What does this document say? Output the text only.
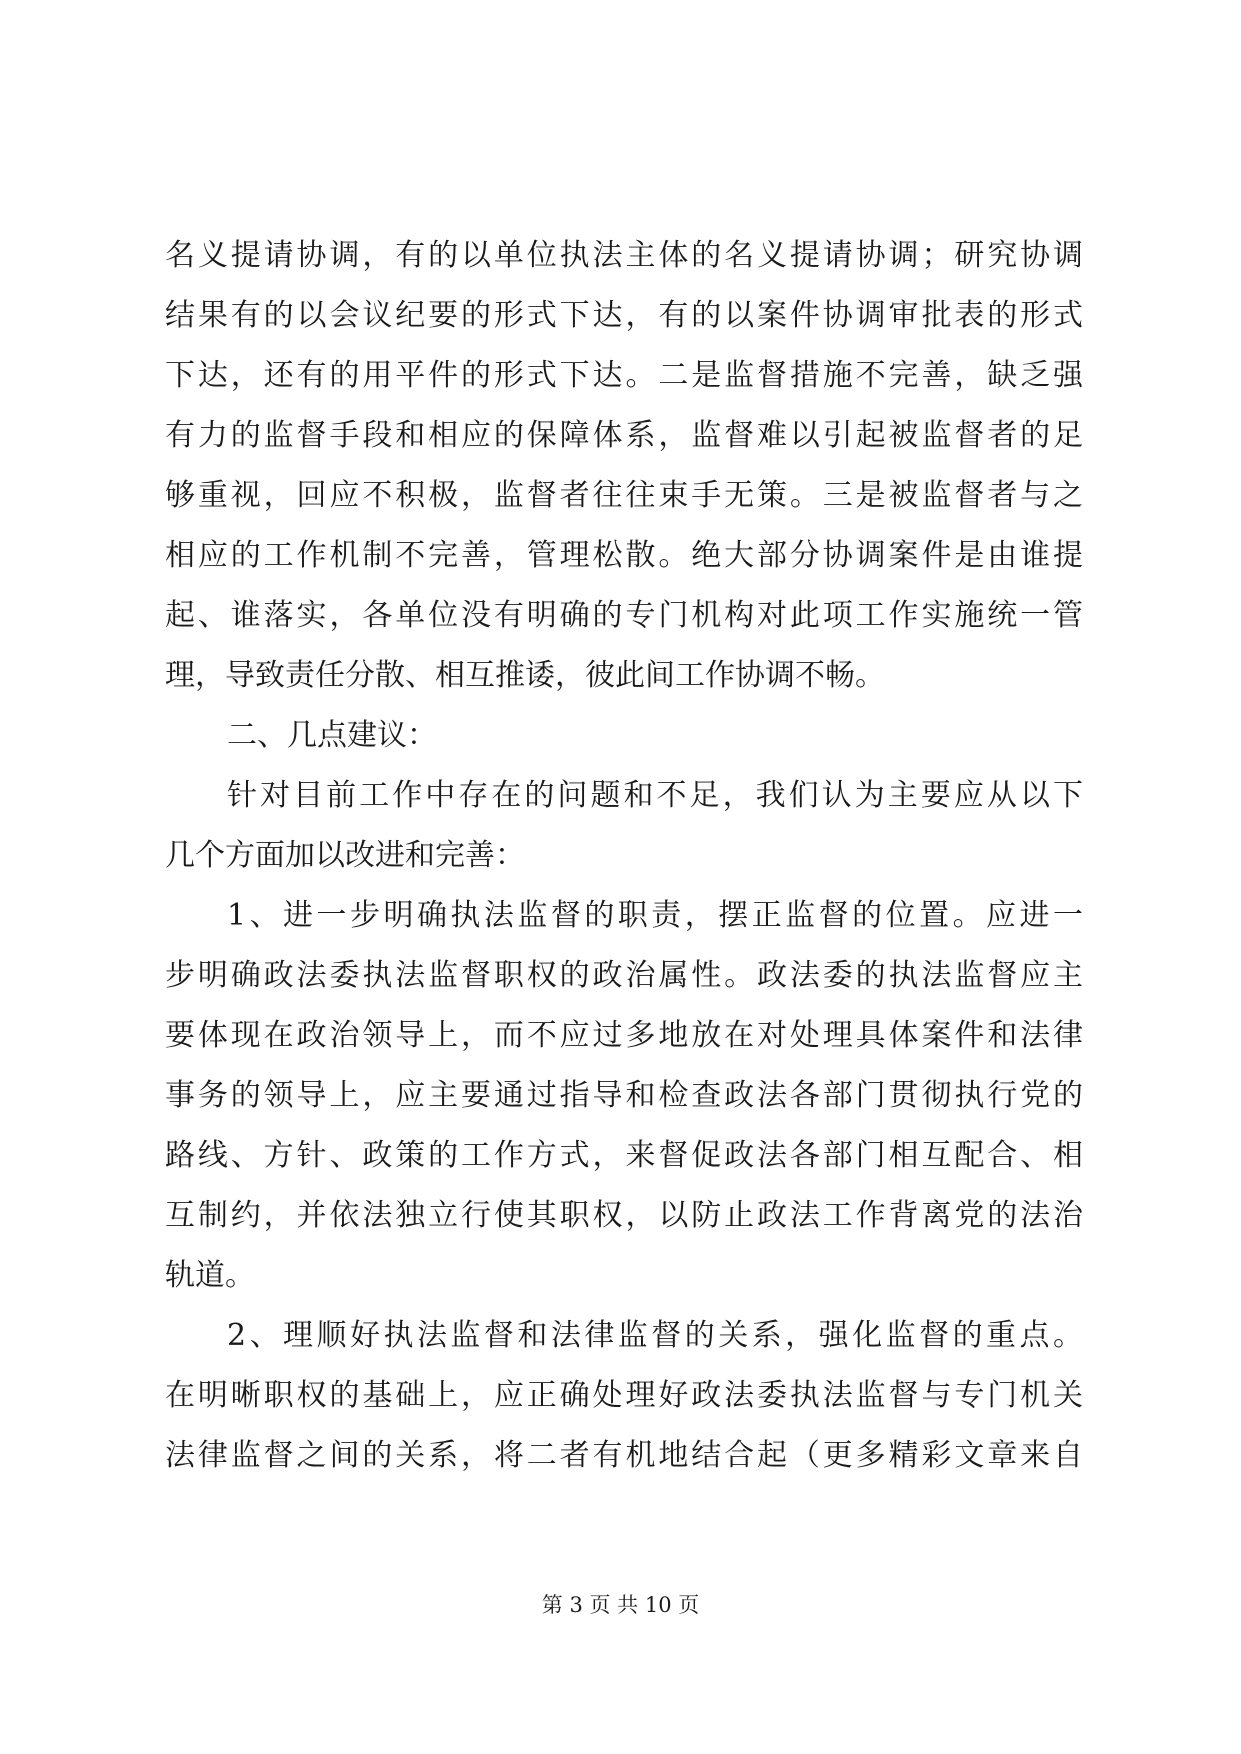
名义提请协调，有的以单位执法主体的名义提请协调；研究协调
结果有的以会议纪要的形式下达，有的以案件协调审批表的形式
下达，还有的用平件的形式下达。二是监督措施不完善，缺乏强
有力的监督手段和相应的保障体系，监督难以引起被监督者的足
够重视，回应不积极，监督者往往束手无策。三是被监督者与之
相应的工作机制不完善，管理松散。绝大部分协调案件是由谁提
起、谁落实，各单位没有明确的专门机构对此项工作实施统一管
理，导致责任分散、相互推诿，彼此间工作协调不畅。
二、几点建议：
针对目前工作中存在的问题和不足，我们认为主要应从以下
几个方面加以改进和完善：
1、进一步明确执法监督的职责，摆正监督的位置。应进一
步明确政法委执法监督职权的政治属性。政法委的执法监督应主
要体现在政治领导上，而不应过多地放在对处理具体案件和法律
事务的领导上，应主要通过指导和检查政法各部门贯彻执行党的
路线、方针、政策的工作方式，来督促政法各部门相互配合、相
互制约，并依法独立行使其职权，以防止政法工作背离党的法治
轨道。
2、理顺好执法监督和法律监督的关系，强化监督的重点。
在明晰职权的基础上，应正确处理好政法委执法监督与专门机关
法律监督之间的关系，将二者有机地结合起（更多精彩文章来自
第 3 页 共 10 页
